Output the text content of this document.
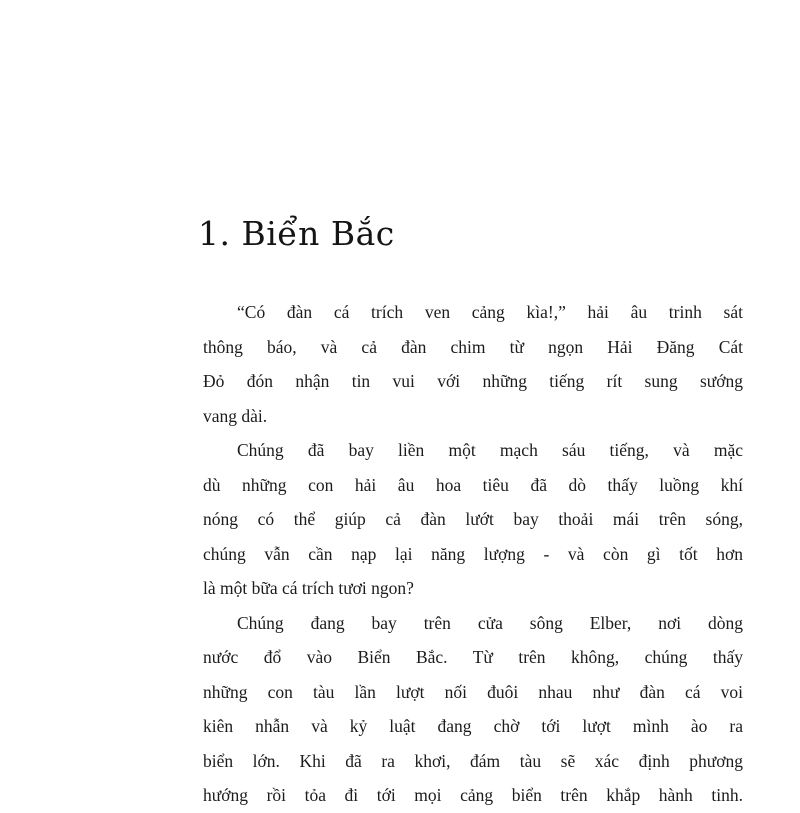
1. Biển Bắc
“Có đàn cá trích ven cảng kìa!,” hải âu trinh sát
thông báo, và cả đàn chim từ ngọn Hải Đăng Cát
Đỏ đón nhận tin vui với những tiếng rít sung sướng
vang dài.
Chúng đã bay liền một mạch sáu tiếng, và mặc
dù những con hải âu hoa tiêu đã dò thấy luồng khí
nóng có thể giúp cả đàn lướt bay thoải mái trên sóng,
chúng vẫn cần nạp lại năng lượng - và còn gì tốt hơn
là một bữa cá trích tươi ngon?
Chúng đang bay trên cửa sông Elber, nơi dòng
nước đổ vào Biển Bắc. Từ trên không, chúng thấy
những con tàu lần lượt nối đuôi nhau như đàn cá voi
kiên nhẫn và kỷ luật đang chờ tới lượt mình ào ra
biển lớn. Khi đã ra khơi, đám tàu sẽ xác định phương
hướng rồi tỏa đi tới mọi cảng biển trên khắp hành tinh.
